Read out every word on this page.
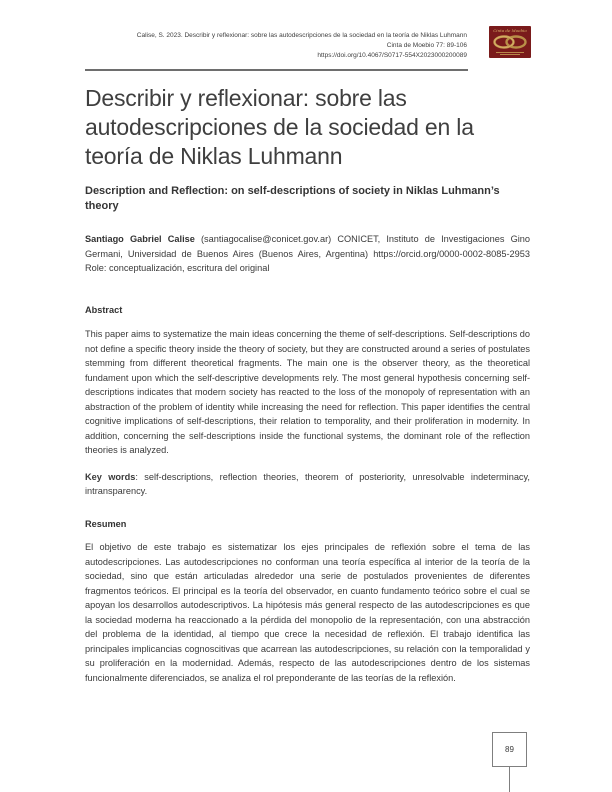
Calise, S. 2023. Describir y reflexionar: sobre las autodescripciones de la sociedad en la teoría de Niklas Luhmann
Cinta de Moebio 77: 89-106
https://doi.org/10.4067/S0717-554X2023000200089
Cinta de Moebio
Describir y reflexionar: sobre las autodescripciones de la sociedad en la teoría de Niklas Luhmann
Description and Reflection: on self-descriptions of society in Niklas Luhmann’s theory

Santiago Gabriel Calise (santiagocalise@conicet.gov.ar) CONICET, Instituto de Investigaciones Gino Germani, Universidad de Buenos Aires (Buenos Aires, Argentina) https://orcid.org/0000-0002-8085-2953 Role: conceptualización, escritura del original

Abstract

This paper aims to systematize the main ideas concerning the theme of self-descriptions. Self-descriptions do not define a specific theory inside the theory of society, but they are constructed around a series of postulates stemming from different theoretical fragments. The main one is the observer theory, as the theoretical fundament upon which the self-descriptive developments rely. The most general hypothesis concerning self-descriptions indicates that modern society has reacted to the loss of the monopoly of representation with an abstraction of the problem of identity while increasing the need for reflection. This paper identifies the central cognitive implications of self-descriptions, their relation to temporality, and their proliferation in modernity. In addition, concerning the self-descriptions inside the functional systems, the dominant role of the reflection theories is analyzed.

Key words: self-descriptions, reflection theories, theorem of posteriority, unresolvable indeterminacy, intransparency.

Resumen

El objetivo de este trabajo es sistematizar los ejes principales de reflexión sobre el tema de las autodescripciones. Las autodescripciones no conforman una teoría específica al interior de la teoría de la sociedad, sino que están articuladas alrededor una serie de postulados provenientes de diferentes fragmentos teóricos. El principal es la teoría del observador, en cuanto fundamento teórico sobre el cual se apoyan los desarrollos autodescriptivos. La hipótesis más general respecto de las autodescripciones es que la sociedad moderna ha reaccionado a la pérdida del monopolio de la representación, con una abstracción del problema de la identidad, al tiempo que crece la necesidad de reflexión. El trabajo identifica las principales implicancias cognoscitivas que acarrean las autodescripciones, su relación con la temporalidad y su proliferación en la modernidad. Además, respecto de las autodescripciones dentro de los sistemas funcionalmente diferenciados, se analiza el rol preponderante de las teorías de la reflexión.

89
